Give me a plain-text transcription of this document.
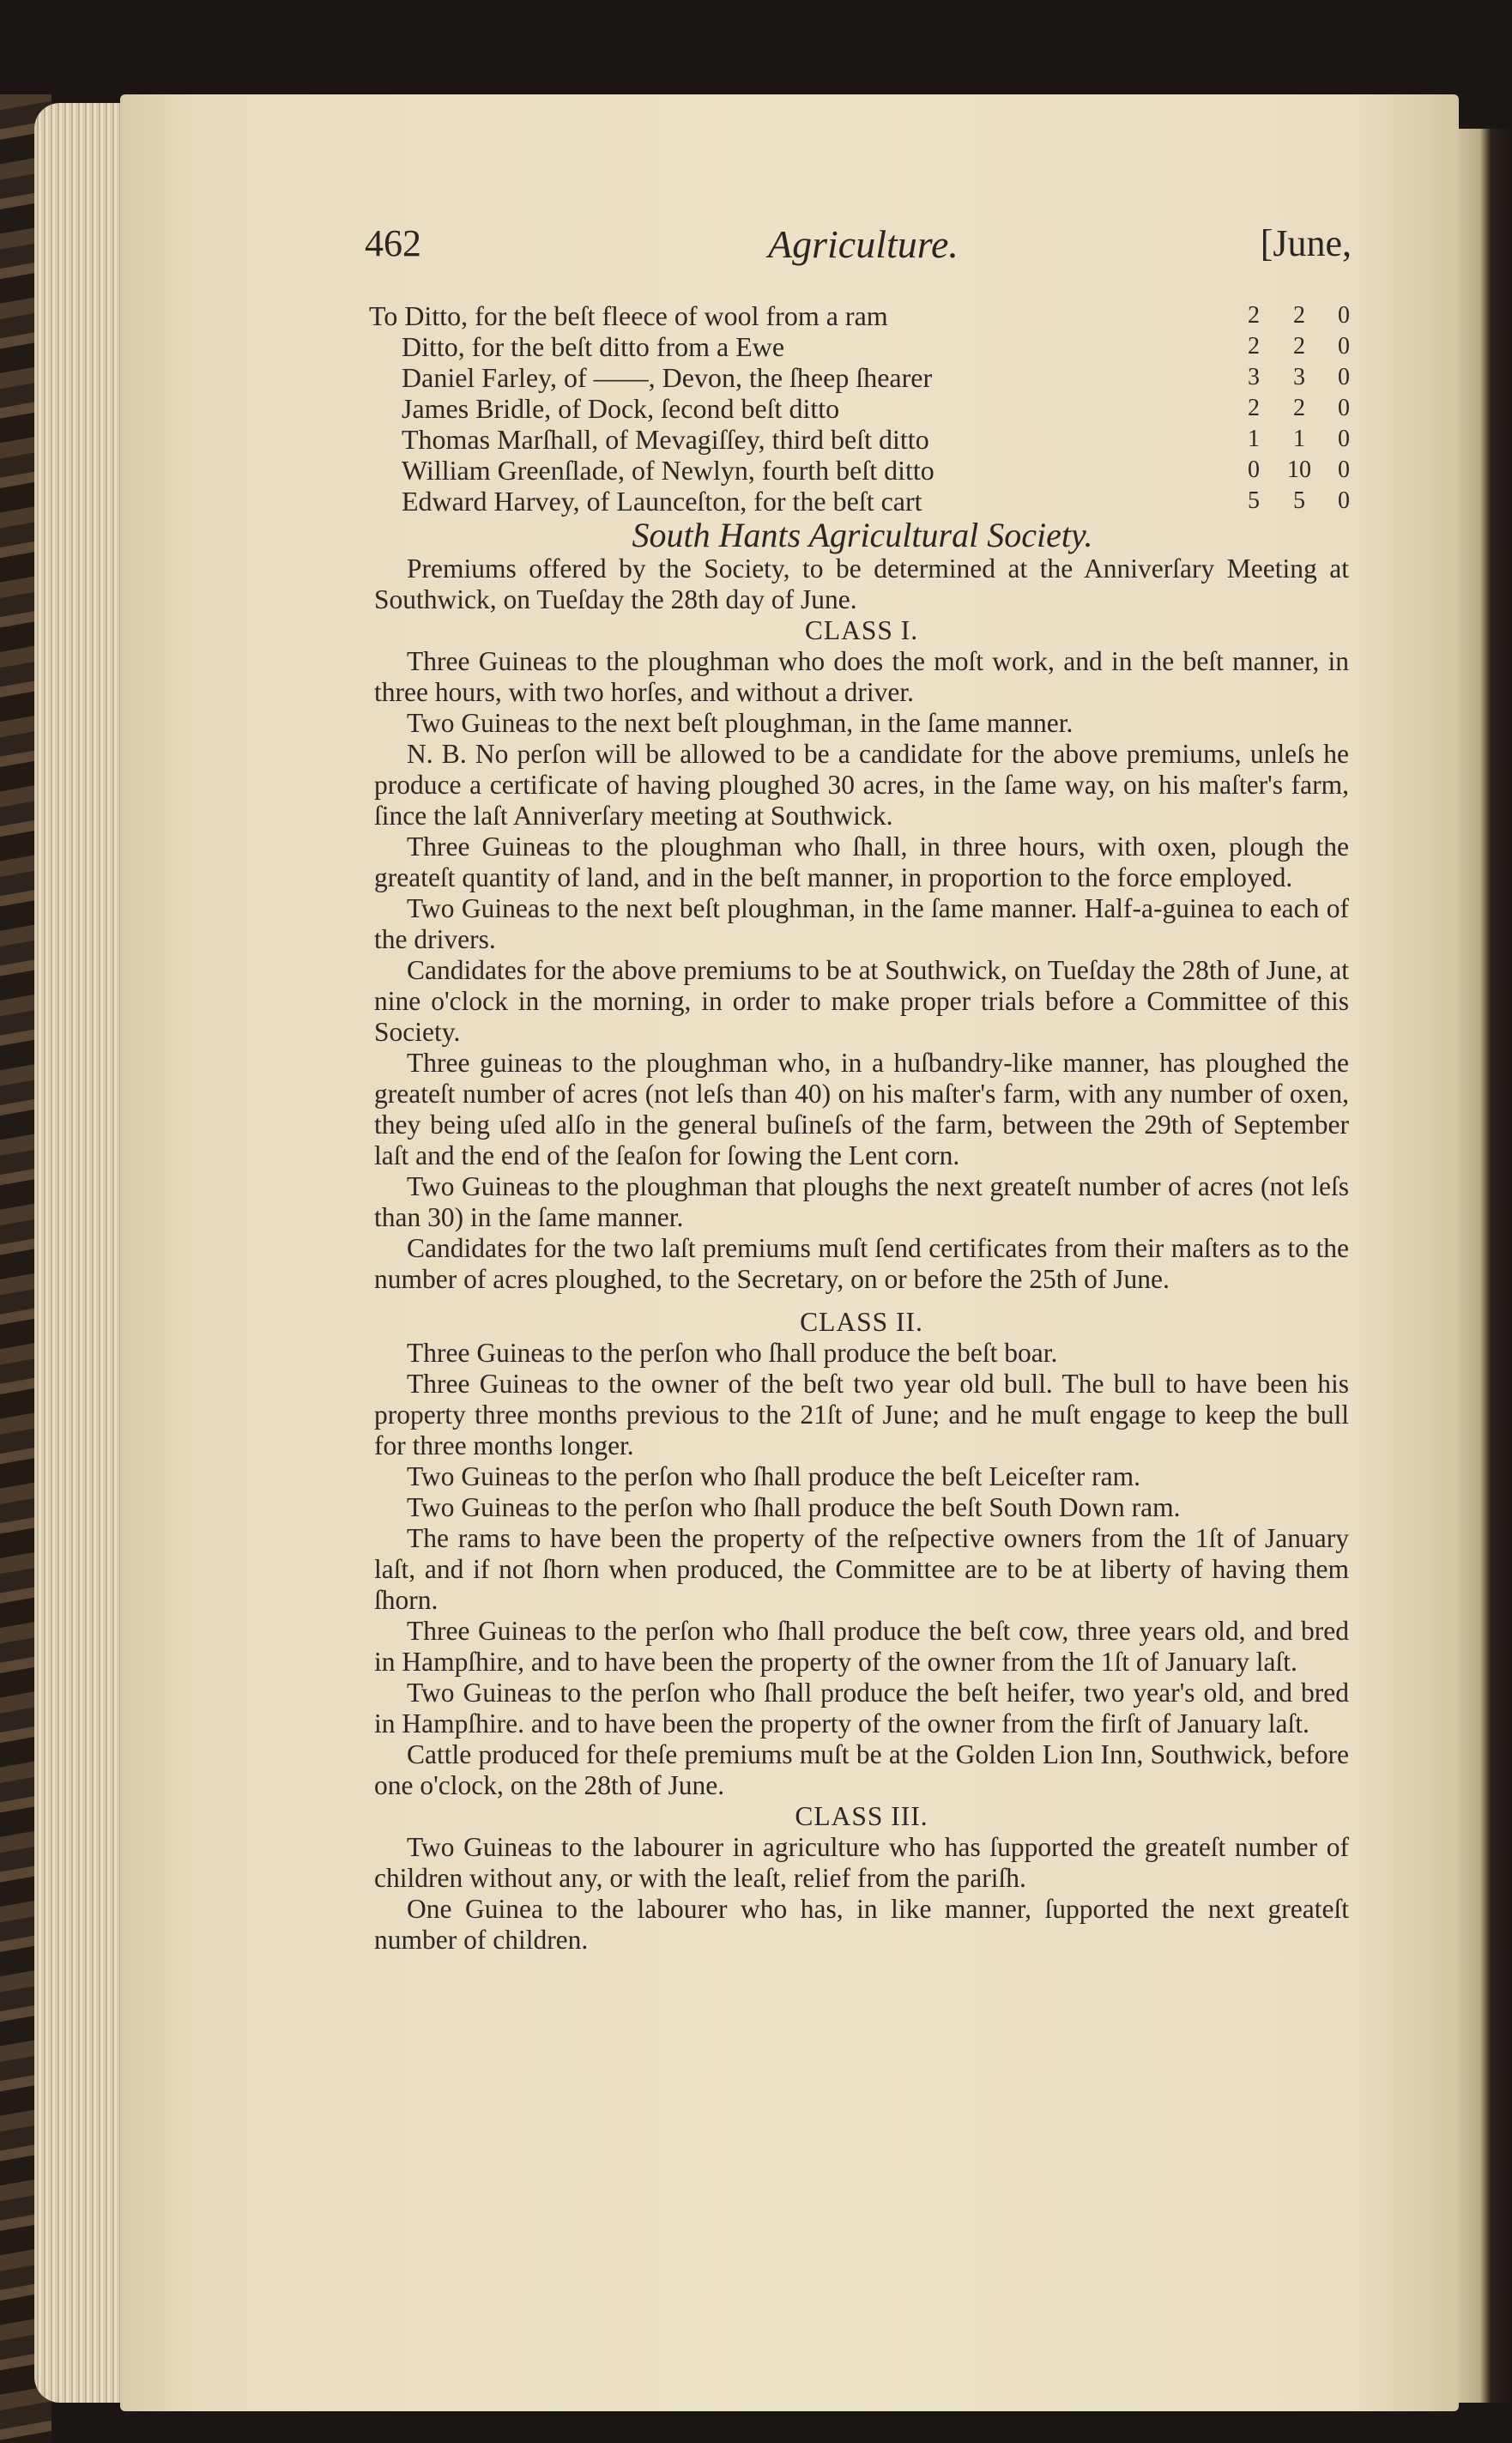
462	Agriculture.	[June,
To Ditto, for the beſt fleece of wool from a ram	2	2	0
Ditto, for the beſt ditto from a Ewe	2	2	0
Daniel Farley, of ——, Devon, the ſheep ſhearer	3	3	0
James Bridle, of Dock, ſecond beſt ditto	2	2	0
Thomas Marſhall, of Mevagiſſey, third beſt ditto	1	1	0
William Greenſlade, of Newlyn, fourth beſt ditto	0	10	0
Edward Harvey, of Launceſton, for the beſt cart	5	5	0
South Hants Agricultural Society.

Premiums offered by the Society, to be determined at the Anniverſary Meeting at Southwick, on Tueſday the 28th day of June.

CLASS I.

Three Guineas to the ploughman who does the moſt work, and in the beſt manner, in three hours, with two horſes, and without a driver.

Two Guineas to the next beſt ploughman, in the ſame manner.

N. B. No perſon will be allowed to be a candidate for the above premiums, unleſs he produce a certificate of having ploughed 30 acres, in the ſame way, on his maſter's farm, ſince the laſt Anniverſary meeting at Southwick.

Three Guineas to the ploughman who ſhall, in three hours, with oxen, plough the greateſt quantity of land, and in the beſt manner, in proportion to the force employed.

Two Guineas to the next beſt ploughman, in the ſame manner. Half-a-guinea to each of the drivers.

Candidates for the above premiums to be at Southwick, on Tueſday the 28th of June, at nine o'clock in the morning, in order to make proper trials before a Committee of this Society.

Three guineas to the ploughman who, in a huſbandry-like manner, has ploughed the greateſt number of acres (not leſs than 40) on his maſter's farm, with any number of oxen, they being uſed alſo in the general buſineſs of the farm, between the 29th of September laſt and the end of the ſeaſon for ſowing the Lent corn.

Two Guineas to the ploughman that ploughs the next greateſt number of acres (not leſs than 30) in the ſame manner.

Candidates for the two laſt premiums muſt ſend certificates from their maſters as to the number of acres ploughed, to the Secretary, on or before the 25th of June.

CLASS II.

Three Guineas to the perſon who ſhall produce the beſt boar.

Three Guineas to the owner of the beſt two year old bull. The bull to have been his property three months previous to the 21ſt of June; and he muſt engage to keep the bull for three months longer.

Two Guineas to the perſon who ſhall produce the beſt Leiceſter ram.

Two Guineas to the perſon who ſhall produce the beſt South Down ram.

The rams to have been the property of the reſpective owners from the 1ſt of January laſt, and if not ſhorn when produced, the Committee are to be at liberty of having them ſhorn.

Three Guineas to the perſon who ſhall produce the beſt cow, three years old, and bred in Hampſhire, and to have been the property of the owner from the 1ſt of January laſt.

Two Guineas to the perſon who ſhall produce the beſt heifer, two year's old, and bred in Hampſhire. and to have been the property of the owner from the firſt of January laſt.

Cattle produced for theſe premiums muſt be at the Golden Lion Inn, Southwick, before one o'clock, on the 28th of June.

CLASS III.

Two Guineas to the labourer in agriculture who has ſupported the greateſt number of children without any, or with the leaſt, relief from the pariſh.

One Guinea to the labourer who has, in like manner, ſupported the next greateſt number of children.
